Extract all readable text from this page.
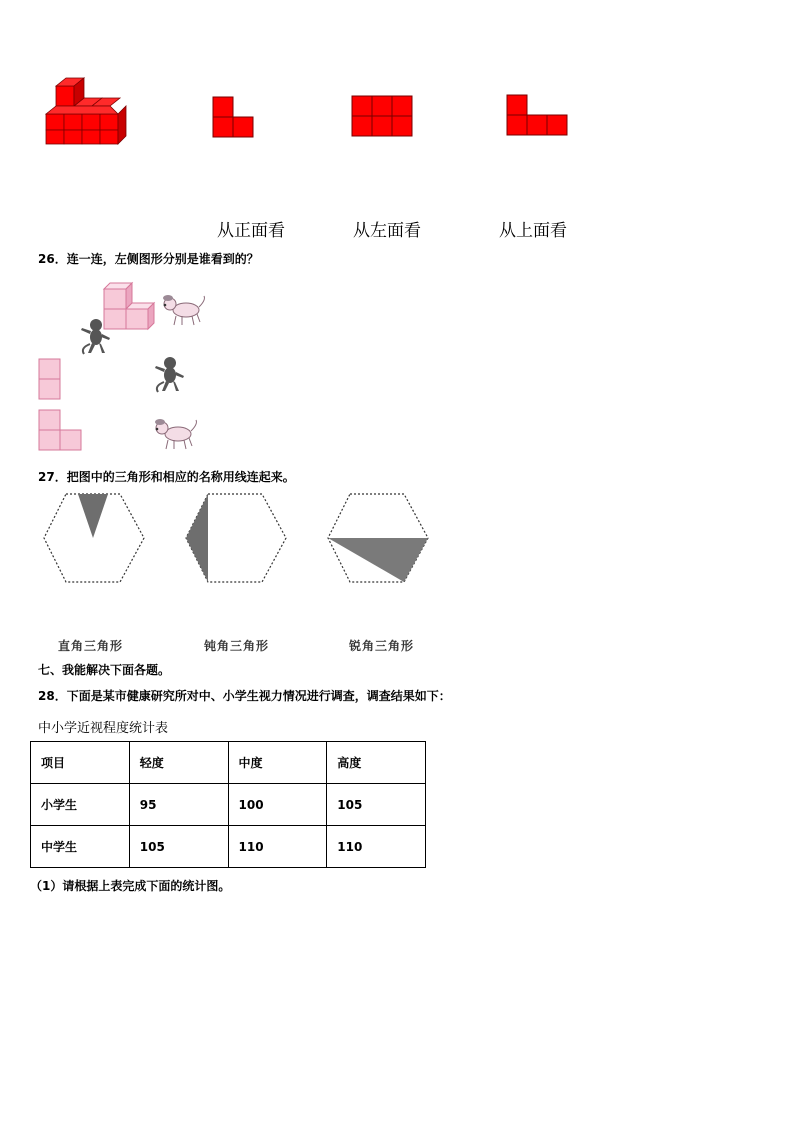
从正面看	从左面看	从上面看
26．连一连，左侧图形分别是谁看到的？
27．把图中的三角形和相应的名称用线连起来。
直角三角形	钝角三角形	锐角三角形
七、我能解决下面各题。
28．下面是某市健康研究所对中、小学生视力情况进行调查，调查结果如下：
中小学近视程度统计表
项目	轻度	中度	高度
小学生	95	100	105
中学生	105	110	110
（1）请根据上表完成下面的统计图。
